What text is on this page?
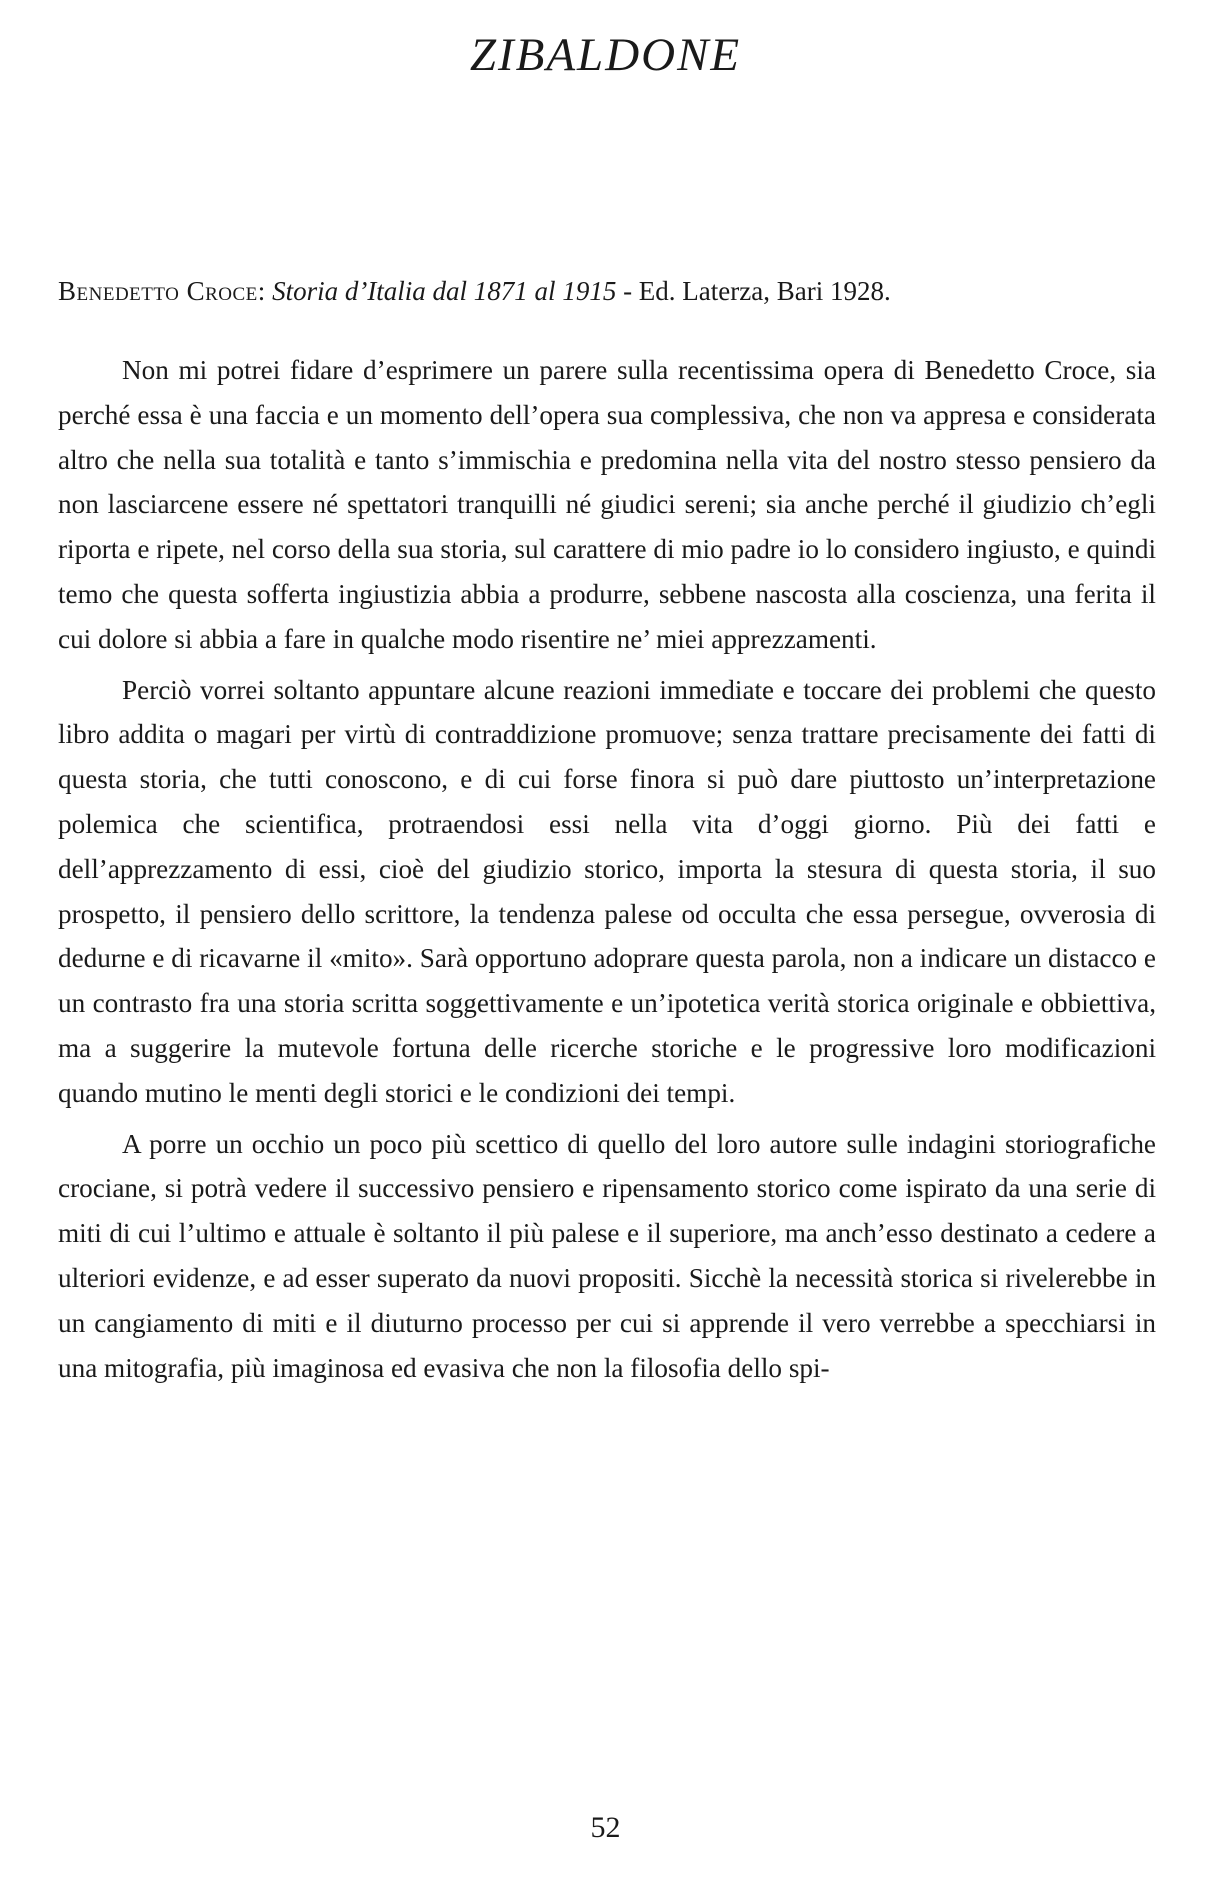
ZIBALDONE
Benedetto Croce: Storia d’Italia dal 1871 al 1915 - Ed. Laterza, Bari 1928.

Non mi potrei fidare d’esprimere un parere sulla recentissima opera di Benedetto Croce, sia perché essa è una faccia e un momento dell’opera sua complessiva, che non va appresa e considerata altro che nella sua totalità e tanto s’immischia e predomina nella vita del nostro stesso pensiero da non lasciarcene essere né spettatori tranquilli né giudici sereni; sia anche perché il giudizio ch’egli riporta e ripete, nel corso della sua storia, sul carattere di mio padre io lo considero ingiusto, e quindi temo che questa sofferta ingiustizia abbia a produrre, sebbene nascosta alla coscienza, una ferita il cui dolore si abbia a fare in qualche modo risentire ne’ miei apprezzamenti.

Perciò vorrei soltanto appuntare alcune reazioni immediate e toccare dei problemi che questo libro addita o magari per virtù di contraddizione promuove; senza trattare precisamente dei fatti di questa storia, che tutti conoscono, e di cui forse finora si può dare piuttosto un’interpretazione polemica che scientifica, protraendosi essi nella vita d’oggi giorno. Più dei fatti e dell’apprezzamento di essi, cioè del giudizio storico, importa la stesura di questa storia, il suo prospetto, il pensiero dello scrittore, la tendenza palese od occulta che essa persegue, ovverosia di dedurne e di ricavarne il «mito». Sarà opportuno adoprare questa parola, non a indicare un distacco e un contrasto fra una storia scritta soggettivamente e un’ipotetica verità storica originale e obbiettiva, ma a suggerire la mutevole fortuna delle ricerche storiche e le progressive loro modificazioni quando mutino le menti degli storici e le condizioni dei tempi.

A porre un occhio un poco più scettico di quello del loro autore sulle indagini storiografiche crociane, si potrà vedere il successivo pensiero e ripensamento storico come ispirato da una serie di miti di cui l’ultimo e attuale è soltanto il più palese e il superiore, ma anch’esso destinato a cedere a ulteriori evidenze, e ad esser superato da nuovi propositi. Sicchè la necessità storica si rivelerebbe in un cangiamento di miti e il diuturno processo per cui si apprende il vero verrebbe a specchiarsi in una mitografia, più imaginosa ed evasiva che non la filosofia dello spi-

52
